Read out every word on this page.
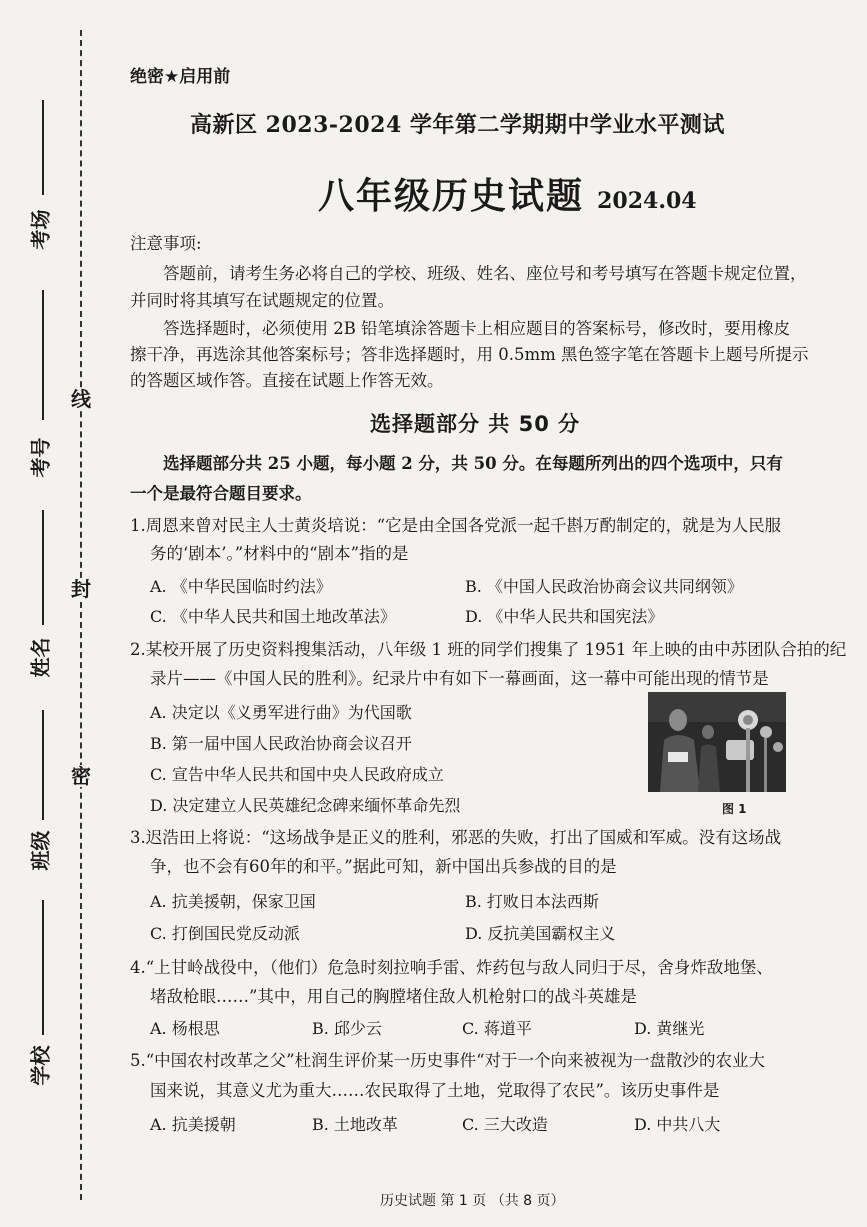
线
封
密
考场
考号
姓名
班级
学校
绝密★启用前
高新区 2023-2024 学年第二学期期中学业水平测试
八年级历史试题 2024.04
注意事项:
答题前，请考生务必将自己的学校、班级、姓名、座位号和考号填写在答题卡规定位置，
并同时将其填写在试题规定的位置。
答选择题时，必须使用 2B 铅笔填涂答题卡上相应题目的答案标号，修改时，要用橡皮
擦干净，再选涂其他答案标号；答非选择题时，用 0.5mm 黑色签字笔在答题卡上题号所提示
的答题区域作答。直接在试题上作答无效。
选择题部分 共 50 分
选择题部分共 25 小题，每小题 2 分，共 50 分。在每题所列出的四个选项中，只有
一个是最符合题目要求。
1.周恩来曾对民主人士黄炎培说：“它是由全国各党派一起千斟万酌制定的，就是为人民服
务的‘剧本’。”材料中的“剧本”指的是
A. 《中华民国临时约法》	B. 《中国人民政治协商会议共同纲领》
C. 《中华人民共和国土地改革法》	D. 《中华人民共和国宪法》
2.某校开展了历史资料搜集活动，八年级 1 班的同学们搜集了 1951 年上映的由中苏团队合拍的纪
录片——《中国人民的胜利》。纪录片中有如下一幕画面，这一幕中可能出现的情节是
A. 决定以《义勇军进行曲》为代国歌
B. 第一届中国人民政治协商会议召开
C. 宣告中华人民共和国中央人民政府成立
D. 决定建立人民英雄纪念碑来缅怀革命先烈	图 1
3.迟浩田上将说：“这场战争是正义的胜利，邪恶的失败，打出了国威和军威。没有这场战
争，也不会有60年的和平。”据此可知，新中国出兵参战的目的是
A. 抗美援朝，保家卫国	B. 打败日本法西斯
C. 打倒国民党反动派	D. 反抗美国霸权主义
4.“上甘岭战役中，（他们）危急时刻拉响手雷、炸药包与敌人同归于尽，舍身炸敌地堡、
堵敌枪眼……”其中，用自己的胸膛堵住敌人机枪射口的战斗英雄是
A. 杨根思	B. 邱少云	C. 蒋道平	D. 黄继光
5.“中国农村改革之父”杜润生评价某一历史事件“对于一个向来被视为一盘散沙的农业大
国来说，其意义尤为重大……农民取得了土地，党取得了农民”。该历史事件是
A. 抗美援朝	B. 土地改革	C. 三大改造	D. 中共八大
历史试题 第 1 页 （共 8 页）
